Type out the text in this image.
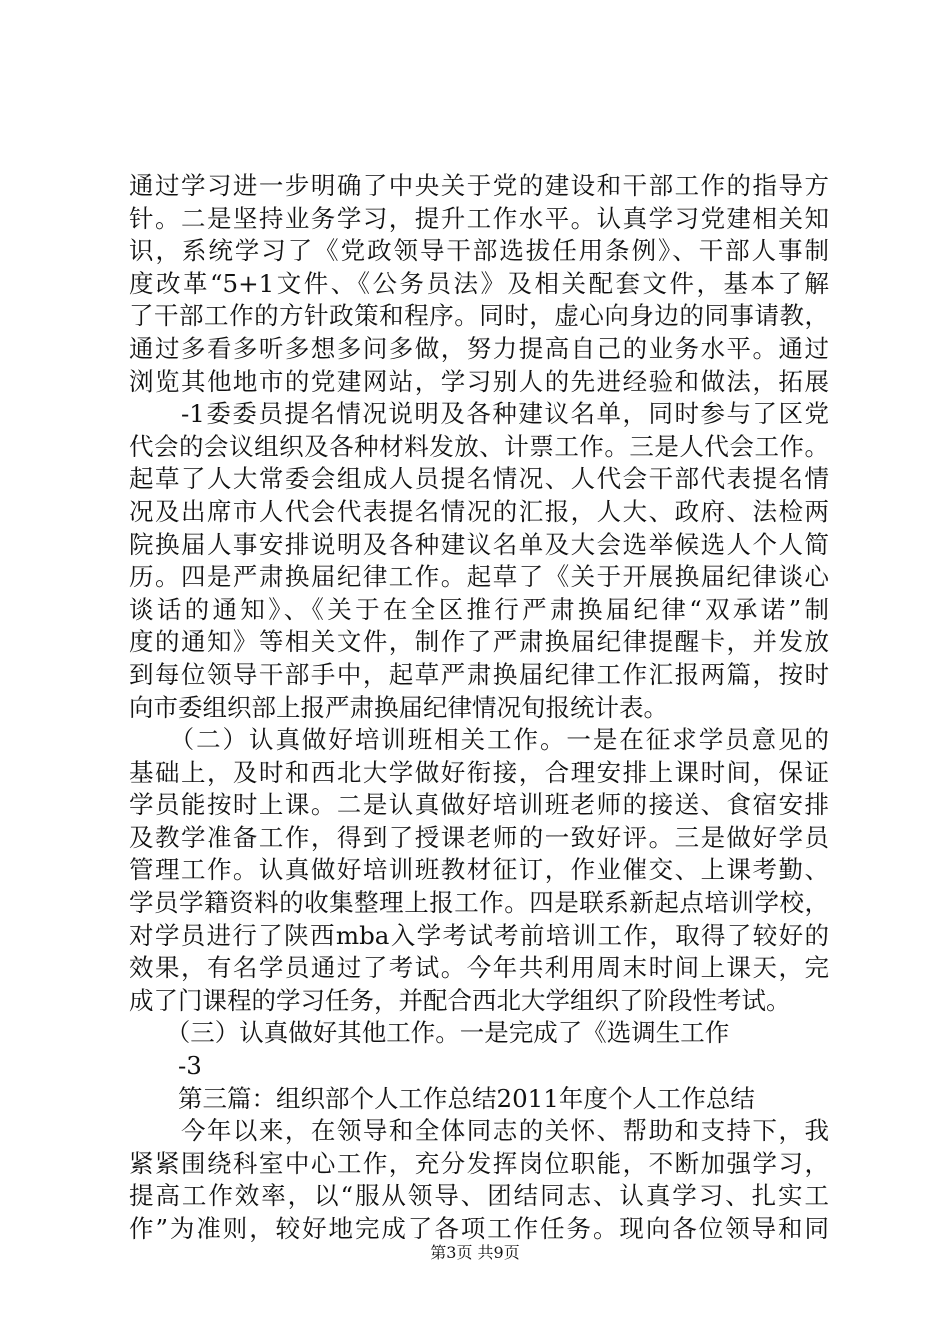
通过学习进一步明确了中央关于党的建设和干部工作的指导方
针。二是坚持业务学习，提升工作水平。认真学习党建相关知
识，系统学习了《党政领导干部选拔任用条例》、干部人事制
度改革“5+1文件、《公务员法》及相关配套文件，基本了解
了干部工作的方针政策和程序。同时，虚心向身边的同事请教，
通过多看多听多想多问多做，努力提高自己的业务水平。通过
浏览其他地市的党建网站，学习别人的先进经验和做法，拓展
　　-1委委员提名情况说明及各种建议名单，同时参与了区党
代会的会议组织及各种材料发放、计票工作。三是人代会工作。
起草了人大常委会组成人员提名情况、人代会干部代表提名情
况及出席市人代会代表提名情况的汇报，人大、政府、法检两
院换届人事安排说明及各种建议名单及大会选举候选人个人简
历。四是严肃换届纪律工作。起草了《关于开展换届纪律谈心
谈话的通知》、《关于在全区推行严肃换届纪律“双承诺”制
度的通知》等相关文件，制作了严肃换届纪律提醒卡，并发放
到每位领导干部手中，起草严肃换届纪律工作汇报两篇，按时
向市委组织部上报严肃换届纪律情况旬报统计表。
　　（二）认真做好培训班相关工作。一是在征求学员意见的
基础上，及时和西北大学做好衔接，合理安排上课时间，保证
学员能按时上课。二是认真做好培训班老师的接送、食宿安排
及教学准备工作，得到了授课老师的一致好评。三是做好学员
管理工作。认真做好培训班教材征订，作业催交、上课考勤、
学员学籍资料的收集整理上报工作。四是联系新起点培训学校，
对学员进行了陕西mba入学考试考前培训工作，取得了较好的
效果，有名学员通过了考试。今年共利用周末时间上课天，完
成了门课程的学习任务，并配合西北大学组织了阶段性考试。
　　（三）认真做好其他工作。一是完成了《选调生工作
　　-3
　　第三篇：组织部个人工作总结2011年度个人工作总结
　　今年以来，在领导和全体同志的关怀、帮助和支持下，我
紧紧围绕科室中心工作，充分发挥岗位职能，不断加强学习，
提高工作效率，以“服从领导、团结同志、认真学习、扎实工
作”为准则，较好地完成了各项工作任务。现向各位领导和同
第3页 共9页
